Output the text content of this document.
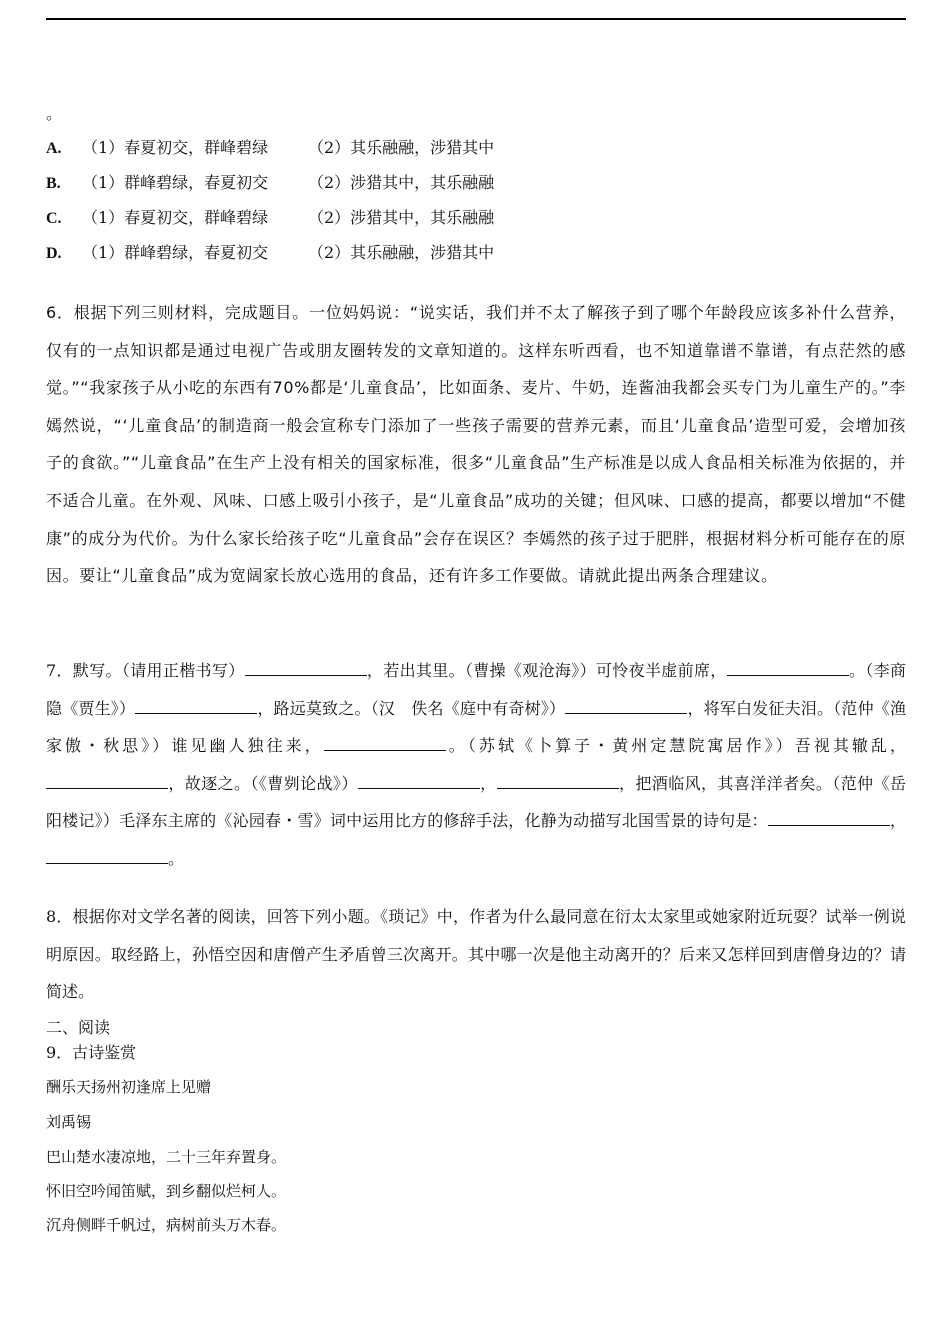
。
A. （1）春夏初交，群峰碧绿 （2）其乐融融，涉猎其中
B. （1）群峰碧绿，春夏初交 （2）涉猎其中，其乐融融
C. （1）春夏初交，群峰碧绿 （2）涉猎其中，其乐融融
D. （1）群峰碧绿，春夏初交 （2）其乐融融，涉猎其中
6．根据下列三则材料，完成题目。一位妈妈说：“说实话，我们并不太了解孩子到了哪个年龄段应该多补什么营养，仅有的一点知识都是通过电视广告或朋友圈转发的文章知道的。这样东听西看，也不知道靠谱不靠谱，有点茫然的感觉。”“我家孩子从小吃的东西有70%都是‘儿童食品’，比如面条、麦片、牛奶，连酱油我都会买专门为儿童生产的。”李嫣然说，“‘儿童食品’的制造商一般会宣称专门添加了一些孩子需要的营养元素，而且‘儿童食品’造型可爱，会增加孩子的食欲。”“儿童食品”在生产上没有相关的国家标准，很多“儿童食品”生产标准是以成人食品相关标准为依据的，并不适合儿童。在外观、风味、口感上吸引小孩子，是“儿童食品”成功的关键；但风味、口感的提高，都要以增加“不健康”的成分为代价。为什么家长给孩子吃“儿童食品”会存在误区？李嫣然的孩子过于肥胖，根据材料分析可能存在的原因。要让“儿童食品”成为宽阔家长放心选用的食品，还有许多工作要做。请就此提出两条合理建议。
7．默写。（请用正楷书写）	，若出其里。（曹操《观沧海》）可怜夜半虚前席，	。（李商隐《贾生》）	，路远莫致之。（汉　佚名《庭中有奇树》）	，将军白发征夫泪。（范仲《渔家傲・秋思》）谁见幽人独往来，	。（苏轼《卜算子・黄州定慧院寓居作》）吾视其辙乱，，故逐之。（《曹刿论战》）	，	，把酒临风，其喜洋洋者矣。（范仲《岳阳楼记》）毛泽东主席的《沁园春・雪》词中运用比方的修辞手法，化静为动描写北国雪景的诗句是：	，。
8．根据你对文学名著的阅读，回答下列小题。《琐记》中，作者为什么最同意在衍太太家里或她家附近玩耍？试举一例说明原因。取经路上，孙悟空因和唐僧产生矛盾曾三次离开。其中哪一次是他主动离开的？后来又怎样回到唐僧身边的？请简述。
二、阅读
9．古诗鉴赏
酬乐天扬州初逢席上见赠
刘禹锡
巴山楚水凄凉地，二十三年弃置身。
怀旧空吟闻笛赋，到乡翻似烂柯人。
沉舟侧畔千帆过，病树前头万木春。
